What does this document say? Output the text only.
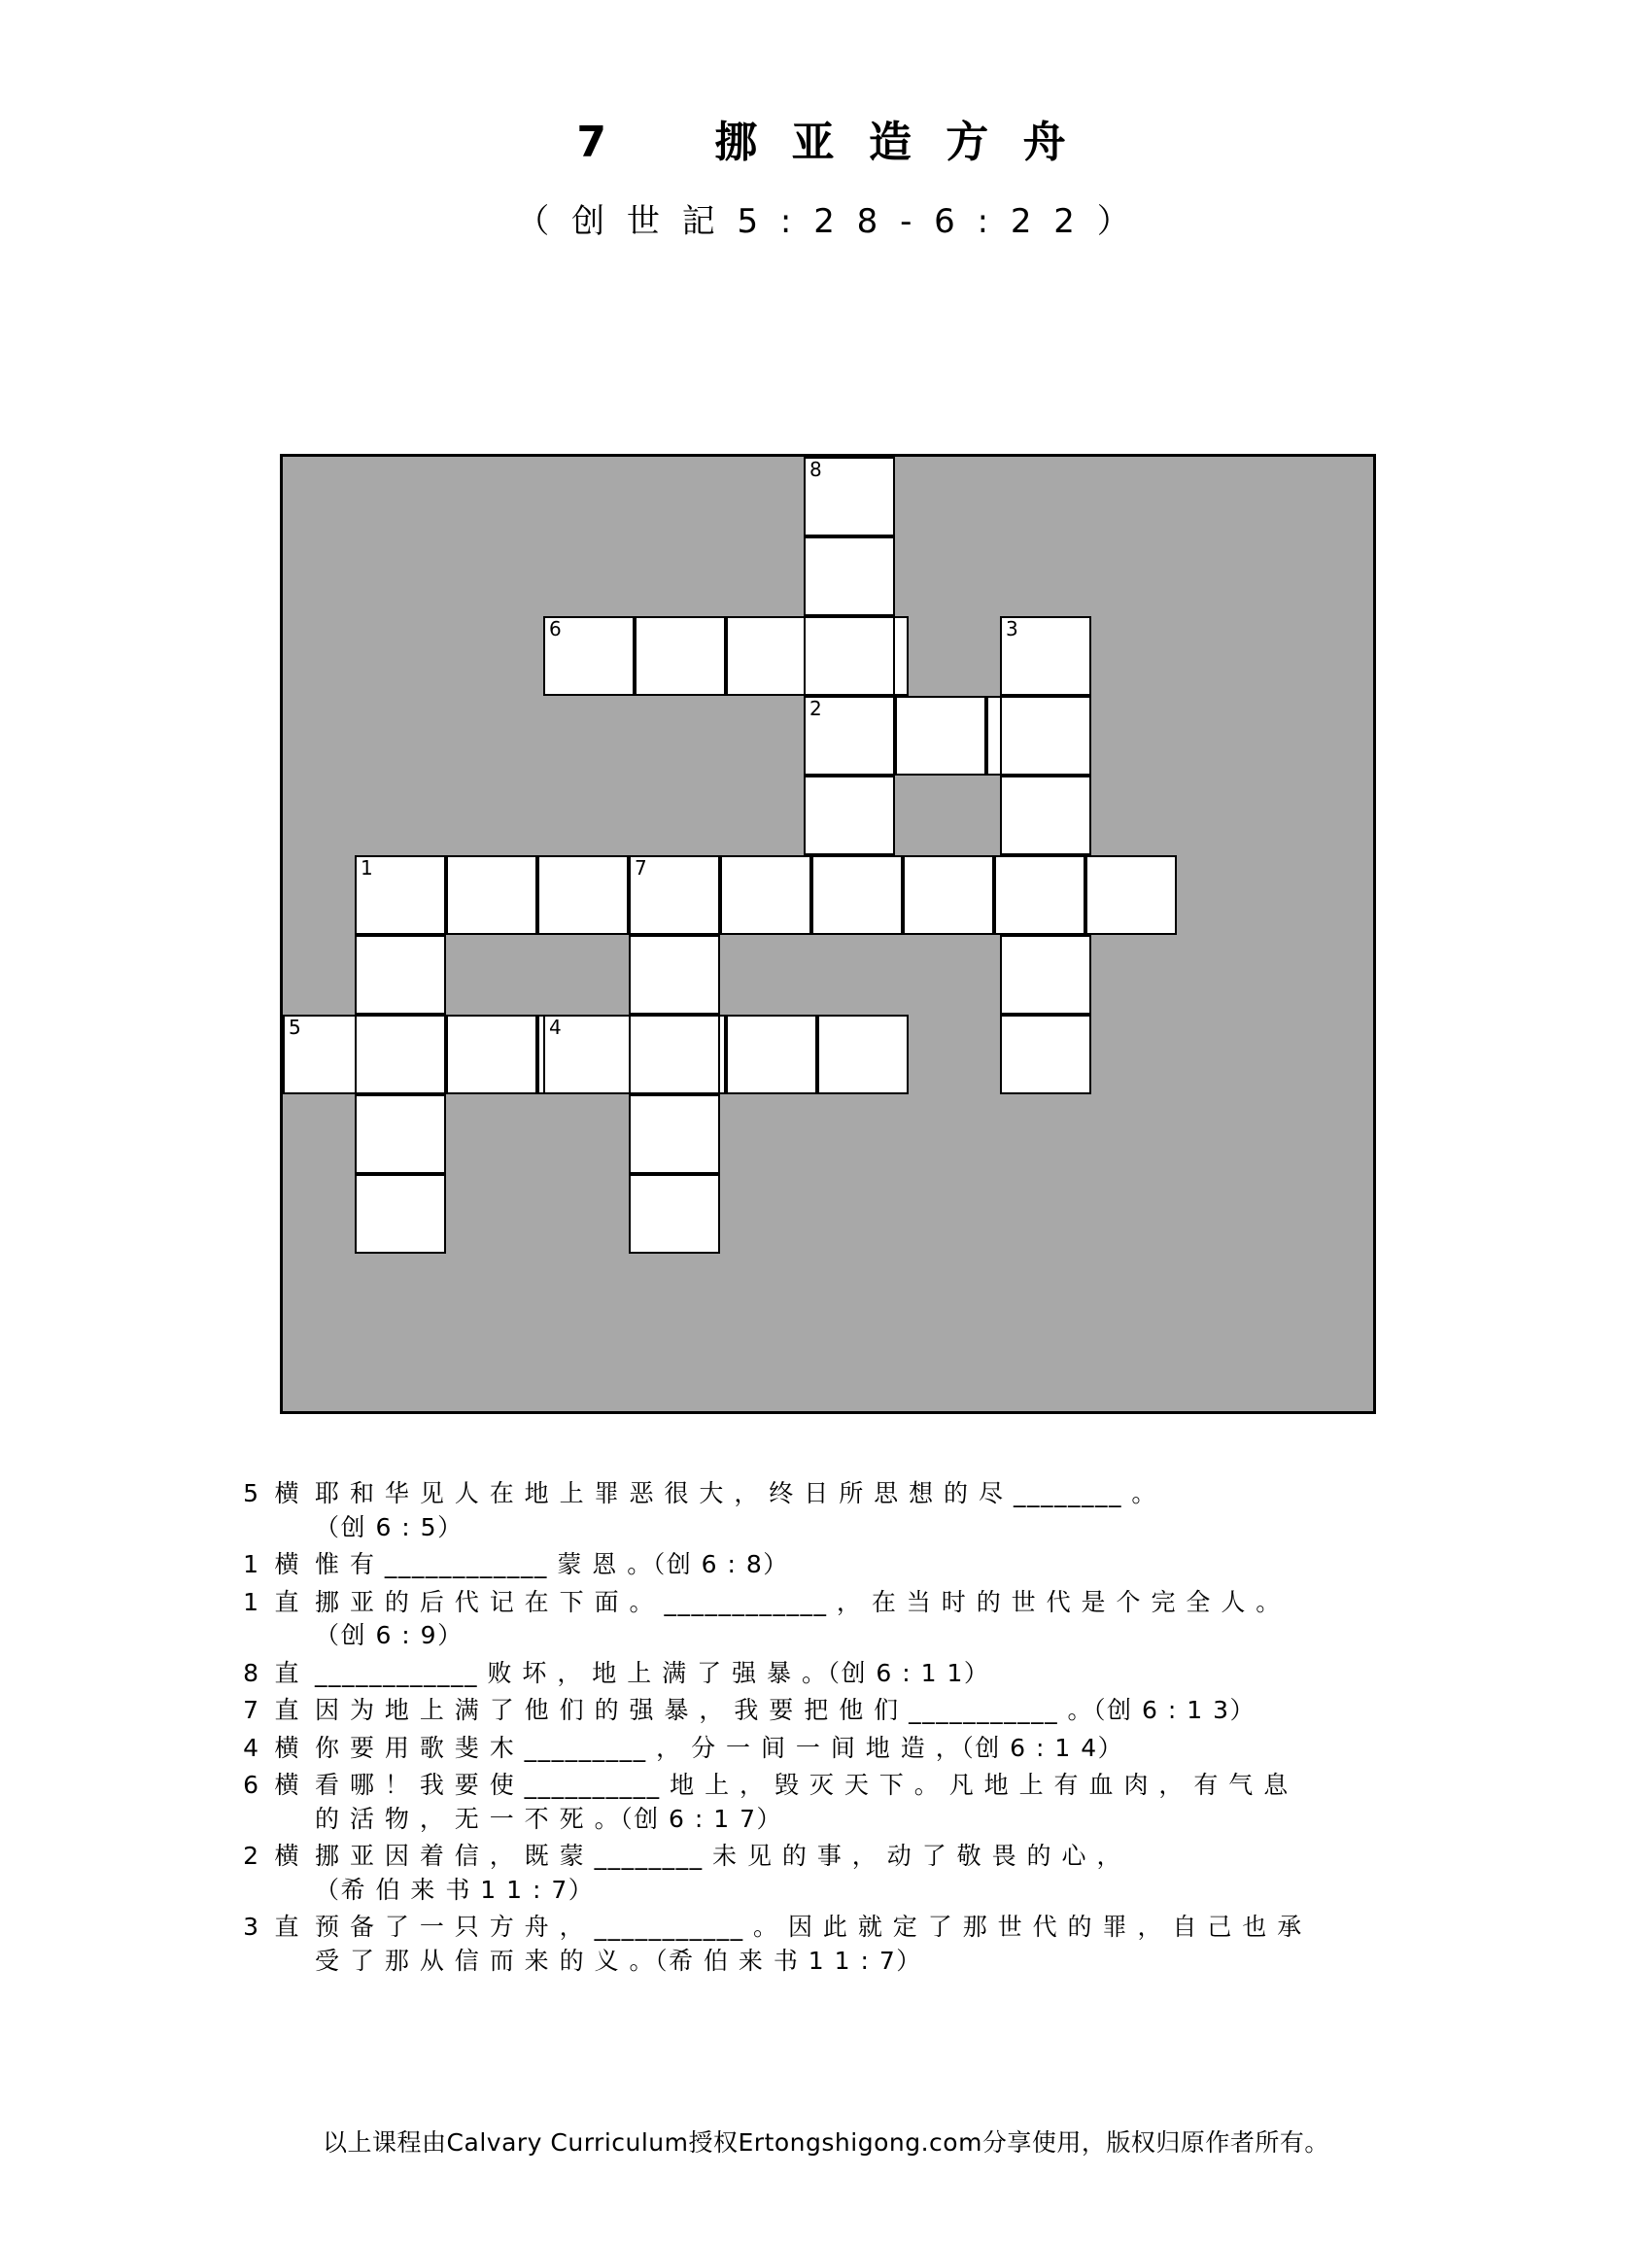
7 挪 亚 造 方 舟
（ 创 世 記 5 : 2 8 - 6 : 2 2 ）
8
6	3
2
1	7
5	4
5 横 耶 和 华 见 人 在 地 上 罪 恶 很 大 ， 终 日 所 思 想 的 尽 ________ 。
（创 6 : 5）
1 横 惟 有 ____________ 蒙 恩 。（创 6 : 8）
1 直 挪 亚 的 后 代 记 在 下 面 。 ____________ ， 在 当 时 的 世 代 是 个 完 全 人 。
（创 6 : 9）
8 直 ____________ 败 坏 ， 地 上 满 了 强 暴 。（创 6 : 1 1）
7 直 因 为 地 上 满 了 他 们 的 强 暴 ， 我 要 把 他 们 ___________ 。（创 6 : 1 3）
4 横 你 要 用 歌 斐 木 _________ ， 分 一 间 一 间 地 造 ，（创 6 : 1 4）
6 横 看 哪 ！ 我 要 使 __________ 地 上 ， 毁 灭 天 下 。 凡 地 上 有 血 肉 ， 有 气 息
的 活 物 ， 无 一 不 死 。（创 6 : 1 7）
2 横 挪 亚 因 着 信 ， 既 蒙 ________ 未 见 的 事 ， 动 了 敬 畏 的 心 ，
（希 伯 来 书 1 1 : 7）
3 直 预 备 了 一 只 方 舟 ， ___________ 。 因 此 就 定 了 那 世 代 的 罪 ， 自 己 也 承
受 了 那 从 信 而 来 的 义 。（希 伯 来 书 1 1 : 7）
以上课程由Calvary Curriculum授权Ertongshigong.com分享使用，版权归原作者所有。
